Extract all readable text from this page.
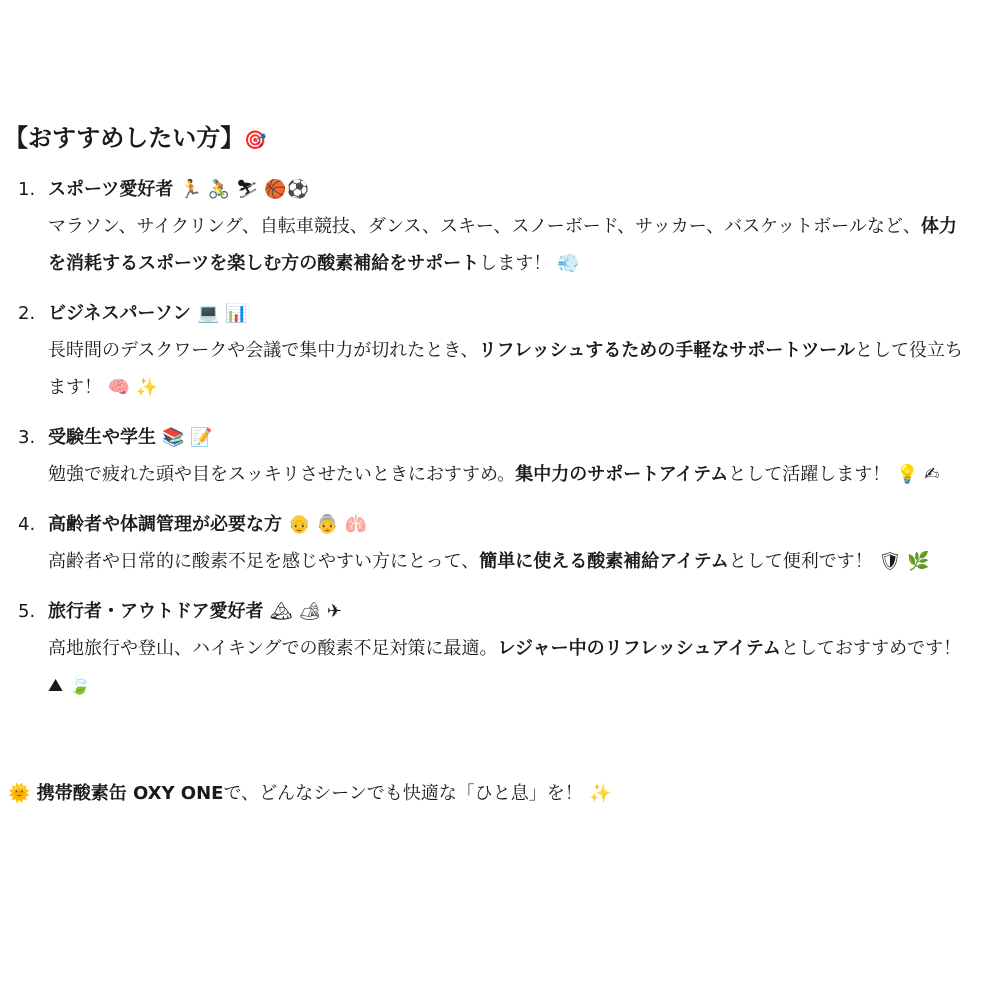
【おすすめしたい方】🎯
1. スポーツ愛好者 🏃 🚴 ⛷ 🏀⚽
マラソン、サイクリング、自転車競技、ダンス、スキー、スノーボード、サッカー、バスケットボールなど、体力を消耗するスポーツを楽しむ方の酸素補給をサポートします！ 💨
2. ビジネスパーソン 💻 📊
長時間のデスクワークや会議で集中力が切れたとき、リフレッシュするための手軽なサポートツールとして役立ちます！ 🧠 ✨
3. 受験生や学生 📚 📝
勉強で疲れた頭や目をスッキリさせたいときにおすすめ。集中力のサポートアイテムとして活躍します！ 💡 ✍
4. 高齢者や体調管理が必要な方 👴 👵 🫁
高齢者や日常的に酸素不足を感じやすい方にとって、簡単に使える酸素補給アイテムとして便利です！ 🛡 🌿
5. 旅行者・アウトドア愛好者 🏔 🏕 ✈
高地旅行や登山、ハイキングでの酸素不足対策に最適。レジャー中のリフレッシュアイテムとしておすすめです！ ⛰ 🍃
🌞 携帯酸素缶 OXY ONEで、どんなシーンでも快適な「ひと息」を！ ✨
